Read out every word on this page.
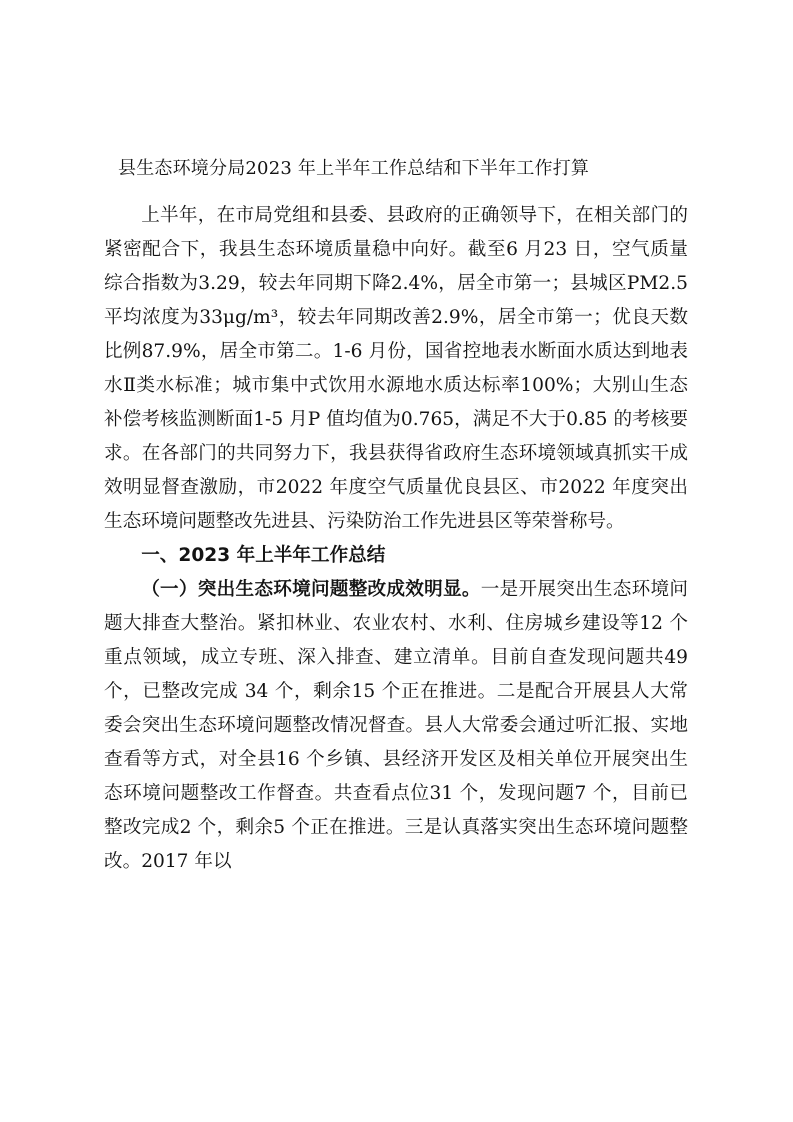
县生态环境分局2023 年上半年工作总结和下半年工作打算

上半年，在市局党组和县委、县政府的正确领导下，在相关部门的紧密配合下，我县生态环境质量稳中向好。截至6 月23 日，空气质量综合指数为3.29，较去年同期下降2.4%，居全市第一；县城区PM2.5 平均浓度为33μg/m³，较去年同期改善2.9%，居全市第一；优良天数比例87.9%，居全市第二。1-6 月份，国省控地表水断面水质达到地表水Ⅱ类水标准；城市集中式饮用水源地水质达标率100%；大别山生态补偿考核监测断面1-5 月P 值均值为0.765，满足不大于0.85 的考核要求。在各部门的共同努力下，我县获得省政府生态环境领域真抓实干成效明显督查激励，市2022 年度空气质量优良县区、市2022 年度突出生态环境问题整改先进县、污染防治工作先进县区等荣誉称号。

一、2023 年上半年工作总结

（一）突出生态环境问题整改成效明显。一是开展突出生态环境问题大排查大整治。紧扣林业、农业农村、水利、住房城乡建设等12 个重点领域，成立专班、深入排查、建立清单。目前自查发现问题共49 个，已整改完成 34 个，剩余15 个正在推进。二是配合开展县人大常委会突出生态环境问题整改情况督查。县人大常委会通过听汇报、实地查看等方式，对全县16 个乡镇、县经济开发区及相关单位开展突出生态环境问题整改工作督查。共查看点位31 个，发现问题7 个，目前已整改完成2 个，剩余5 个正在推进。三是认真落实突出生态环境问题整改。2017 年以
